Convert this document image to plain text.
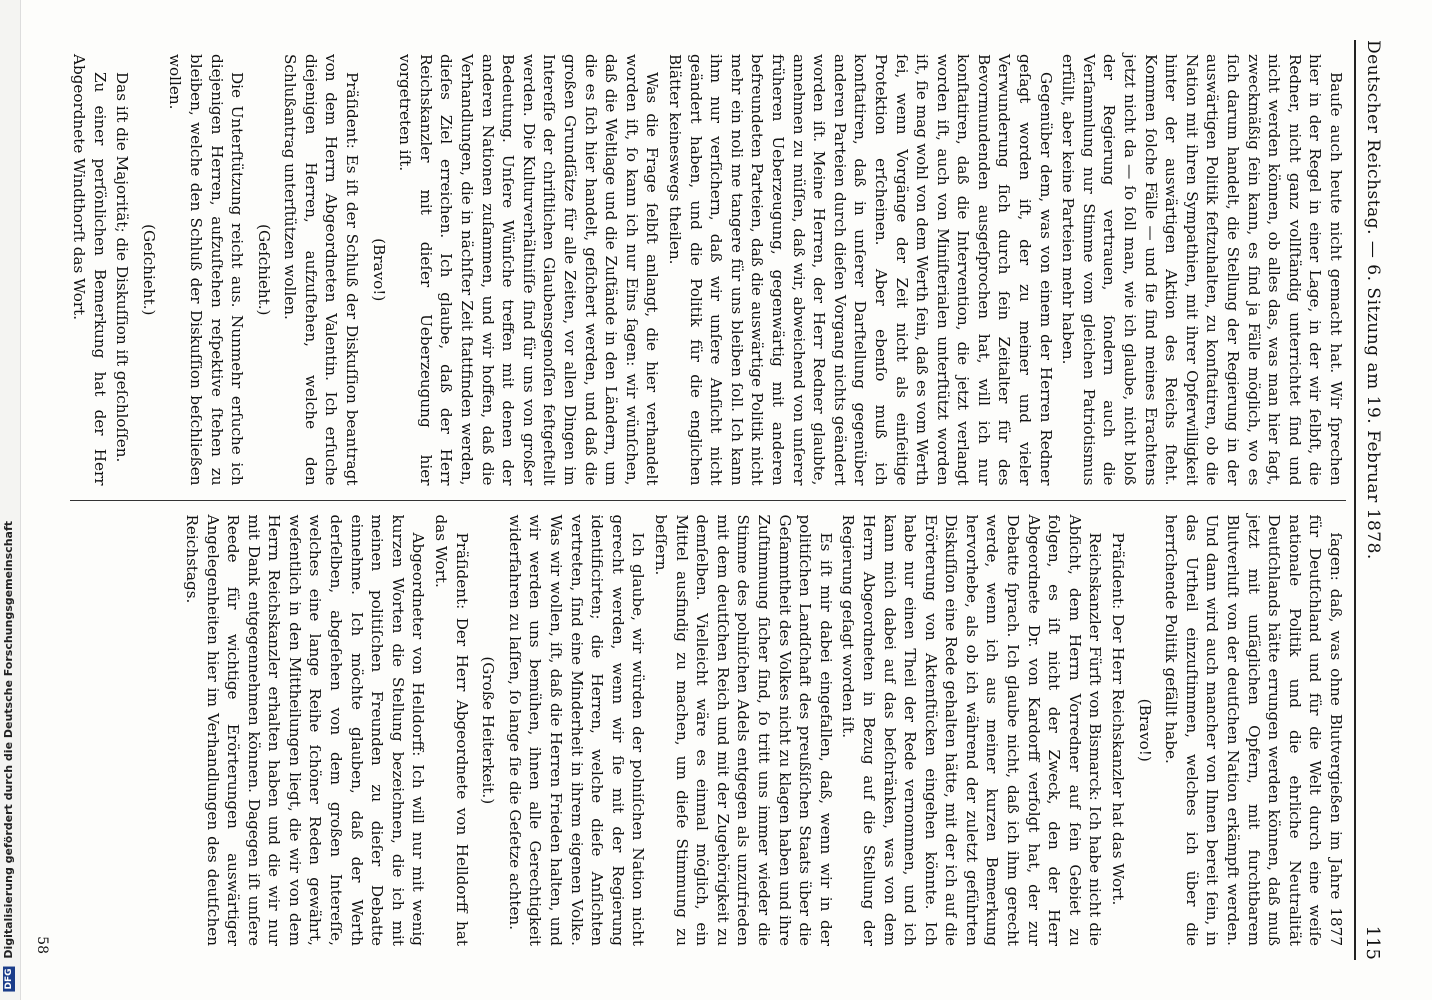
DFG Digitalisierung gefördert durch die Deutsche Forschungsgemeinschaft
Deutscher Reichstag. — 6. Sitzung am 19. Februar 1878.
115

Bauſe auch heute nicht gemacht hat. Wir ſprechen hier in der Regel in einer Lage, in der wir ſelbſt, die Redner, nicht ganz vollſtändig unterrichtet ſind und nicht werden können, ob alles das, was man hier ſagt, zweckmäßig ſein kann, es ſind ja Fälle möglich, wo es ſich darum handelt, die Stellung der Regierung in der auswärtigen Politik feſtzuhalten, zu konſtatiren, ob die Nation mit ihren Sympathien, mit ihrer Opferwilligkeit hinter der auswärtigen Aktion des Reichs ſteht. Kommen ſolche Fälle — und ſie ſind meines Erachtens jetzt nicht da — ſo ſoll man, wie ich glaube, nicht bloß der Regierung vertrauen, ſondern auch die Verſammlung nur Stimme vom gleichen Patriotismus erfüllt, aber keine Parteien mehr haben.

Gegenüber dem, was von einem der Herren Redner geſagt worden iſt, der zu meiner und vieler Verwunderung ſich durch ſein Zeitalter für des Bevormundenden ausgeſprochen hat, will ich nur konſtatiren, daß die Intervention, die jetzt verlangt worden iſt, auch von Miniſterialen unterſtützt worden iſt, ſie mag wohl von dem Werth ſein, daß es vom Werth ſei, wenn Vorgänge der Zeit nicht als einſeitige Protektion erſcheinen. Aber ebenſo muß ich konſtatiren, daß in unſerer Darſtellung gegenüber anderen Parteien durch dieſen Vorgang nichts geändert worden iſt. Meine Herren, der Herr Redner glaubte, annehmen zu müſſen, daß wir, abweichend von unſerer früheren Ueberzeugung, gegenwärtig mit anderen befreundeten Parteien, daß die auswärtige Politik nicht mehr ein noli me tangere für uns bleiben ſoll. Ich kann ihm nur verſichern, daß wir unſere Anſicht nicht geändert haben, und die Politik für die englichen Blätter keineswegs theilen.

Was die Frage ſelbſt anlangt, die hier verhandelt worden iſt, ſo kann ich nur Eins ſagen: wir wünſchen, daß die Weltlage und die Zuſtände in den Ländern, um die es ſich hier handelt, geſichert werden, und daß die großen Grundſätze für alle Zeiten, vor allen Dingen im Intereſſe der chriſtlichen Glaubensgenoſſen feſtgeſtellt werden. Die Kulturverhältniſſe ſind für uns von großer Bedeutung. Unſere Wünſche treffen mit denen der anderen Nationen zuſammen, und wir hoffen, daß die Verhandlungen, die in nächſter Zeit ſtattfinden werden, dieſes Ziel erreichen. Ich glaube, daß der Herr Reichskanzler mit dieſer Ueberzeugung hier vorgetreten iſt.

(Bravo!)

Präſident: Es iſt der Schluß der Diskuſſion beantragt von dem Herrn Abgeordneten Valentin. Ich erſuche diejenigen Herren, aufzuſtehen, welche den Schlußantrag unterſtützen wollen.

(Geſchieht.)

Die Unterſtützung reicht aus. Nunmehr erſuche ich diejenigen Herren, aufzuſtehen reſpektive ſtehen zu bleiben, welche den Schluß der Diskuſſion beſchließen wollen.

(Geſchieht.)

Das iſt die Majorität; die Diskuſſion iſt geſchloſſen.

Zu einer perſönlichen Bemerkung hat der Herr Abgeordnete Windthorſt das Wort.

ſagen: daß, was ohne Blutvergießen im Jahre 1877 für Deutſchland und für die Welt durch eine weiſe nationale Politik und die ehrliche Neutralität Deutſchlands hätte errungen werden können, daß muß jetzt mit unſäglichen Opfern, mit furchtbarem Blutverluſt von der deutſchen Nation erkämpft werden. Und dann wird auch mancher von Ihnen bereit ſein, in das Urtheil einzuſtimmen, welches ich über die herrſchende Politik gefällt habe.

(Bravo!)

Präſident: Der Herr Reichskanzler hat das Wort.

Reichskanzler Fürſt von Bismarck: Ich habe nicht die Abſicht, dem Herrn Vorredner auf ſein Gebiet zu folgen, es iſt nicht der Zweck, den der Herr Abgeordnete Dr. von Kardorff verfolgt hat, der zur Debatte ſprach. Ich glaube nicht, daß ich ihm gerecht werde, wenn ich aus meiner kurzen Bemerkung hervorhebe, als ob ich während der zuletzt geführten Diskuſſion eine Rede gehalten hätte, mit der ich auf die Erörterung von Aktenſtücken eingehen könnte. Ich habe nur einen Theil der Rede vernommen, und ich kann mich dabei auf das beſchränken, was von dem Herrn Abgeordneten in Bezug auf die Stellung der Regierung geſagt worden iſt.

Es iſt mir dabei eingefallen, daß, wenn wir in der politiſchen Landſchaft des preußiſchen Staats über die Geſammtheit des Volkes nicht zu klagen haben und ihre Zuſtimmung ſicher ſind, ſo tritt uns immer wieder die Stimme des polniſchen Adels entgegen als unzufrieden mit dem deutſchen Reich und mit der Zugehörigkeit zu demſelben. Vielleicht wäre es einmal möglich, ein Mittel ausfindig zu machen, um dieſe Stimmung zu beſſern.

Ich glaube, wir würden der polniſchen Nation nicht gerecht werden, wenn wir ſie mit der Regierung identificirten; die Herren, welche dieſe Anſichten vertreten, ſind eine Minderheit in ihrem eigenen Volke. Was wir wollen, iſt, daß die Herren Frieden halten, und wir werden uns bemühen, ihnen alle Gerechtigkeit widerfahren zu laſſen, ſo lange ſie die Geſetze achten.

(Große Heiterkeit.)

Präſident: Der Herr Abgeordnete von Helldorff hat das Wort.

Abgeordneter von Helldorff: Ich will nur mit wenig kurzen Worten die Stellung bezeichnen, die ich mit meinen politiſchen Freunden zu dieſer Debatte einnehme. Ich möchte glauben, daß der Werth derſelben, abgeſehen von dem großen Intereſſe, welches eine lange Reihe ſchöner Reden gewährt, weſentlich in den Mittheilungen liegt, die wir von dem Herrn Reichskanzler erhalten haben und die wir nur mit Dank entgegennehmen können. Dagegen iſt unſere Reede für wichtige Erörterungen auswärtiger Angelegenheiten hier im Verhandlungen des deutſchen Reichstags.

58
